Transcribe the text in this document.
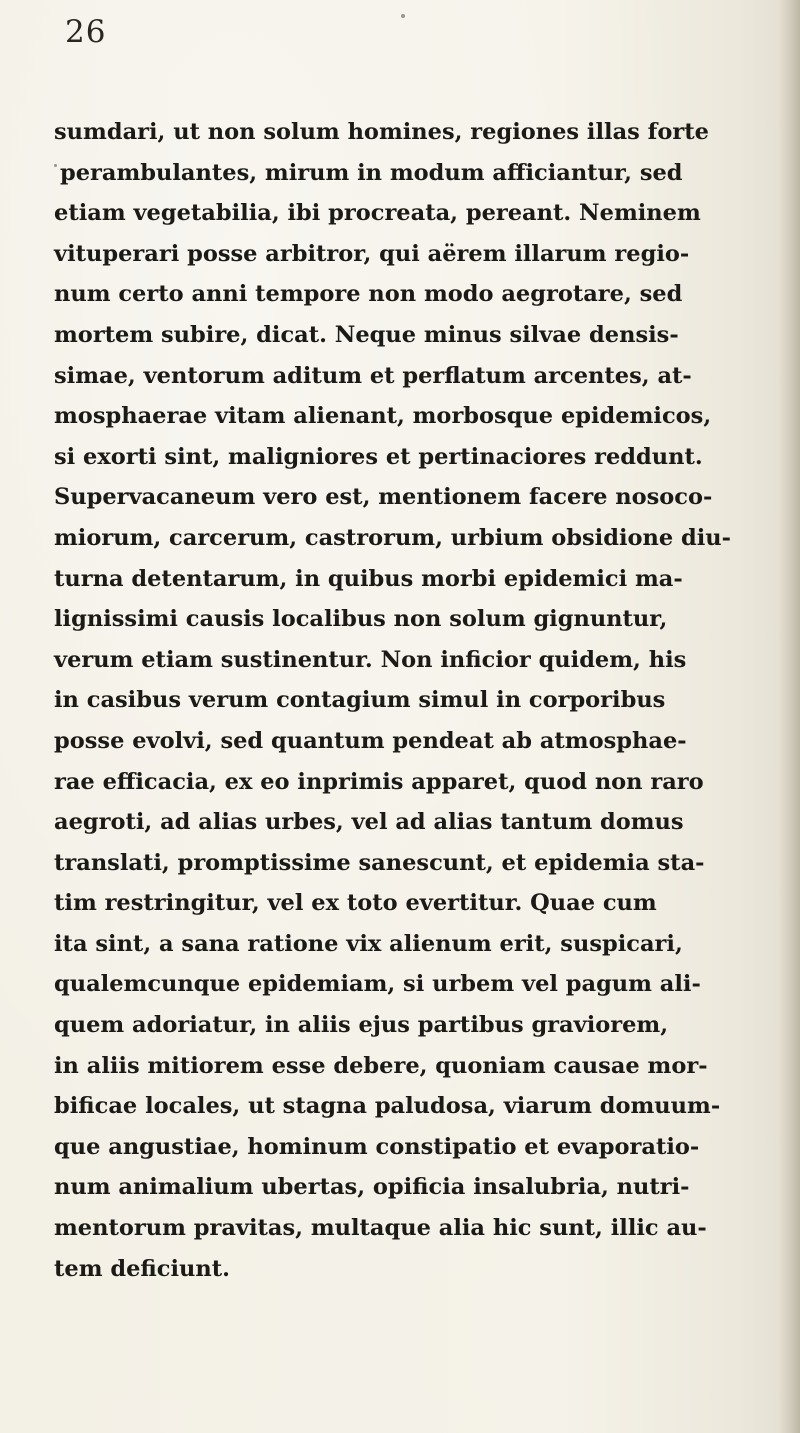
26
sumdari, ut non solum homines, regiones illas forte
perambulantes, mirum in modum afficiantur, sed
etiam vegetabilia, ibi procreata, pereant. Neminem
vituperari posse arbitror, qui aërem illarum regio-
num certo anni tempore non modo aegrotare, sed
mortem subire, dicat. Neque minus silvae densis-
simae, ventorum aditum et perflatum arcentes, at-
mosphaerae vitam alienant, morbosque epidemicos,
si exorti sint, maligniores et pertinaciores reddunt.
Supervacaneum vero est, mentionem facere nosoco-
miorum, carcerum, castrorum, urbium obsidione diu-
turna detentarum, in quibus morbi epidemici ma-
lignissimi causis localibus non solum gignuntur,
verum etiam sustinentur. Non inficior quidem, his
in casibus verum contagium simul in corporibus
posse evolvi, sed quantum pendeat ab atmosphae-
rae efficacia, ex eo inprimis apparet, quod non raro
aegroti, ad alias urbes, vel ad alias tantum domus
translati, promptissime sanescunt, et epidemia sta-
tim restringitur, vel ex toto evertitur. Quae cum
ita sint, a sana ratione vix alienum erit, suspicari,
qualemcunque epidemiam, si urbem vel pagum ali-
quem adoriatur, in aliis ejus partibus graviorem,
in aliis mitiorem esse debere, quoniam causae mor-
bificae locales, ut stagna paludosa, viarum domuum-
que angustiae, hominum constipatio et evaporatio-
num animalium ubertas, opificia insalubria, nutri-
mentorum pravitas, multaque alia hic sunt, illic au-
tem deficiunt.
